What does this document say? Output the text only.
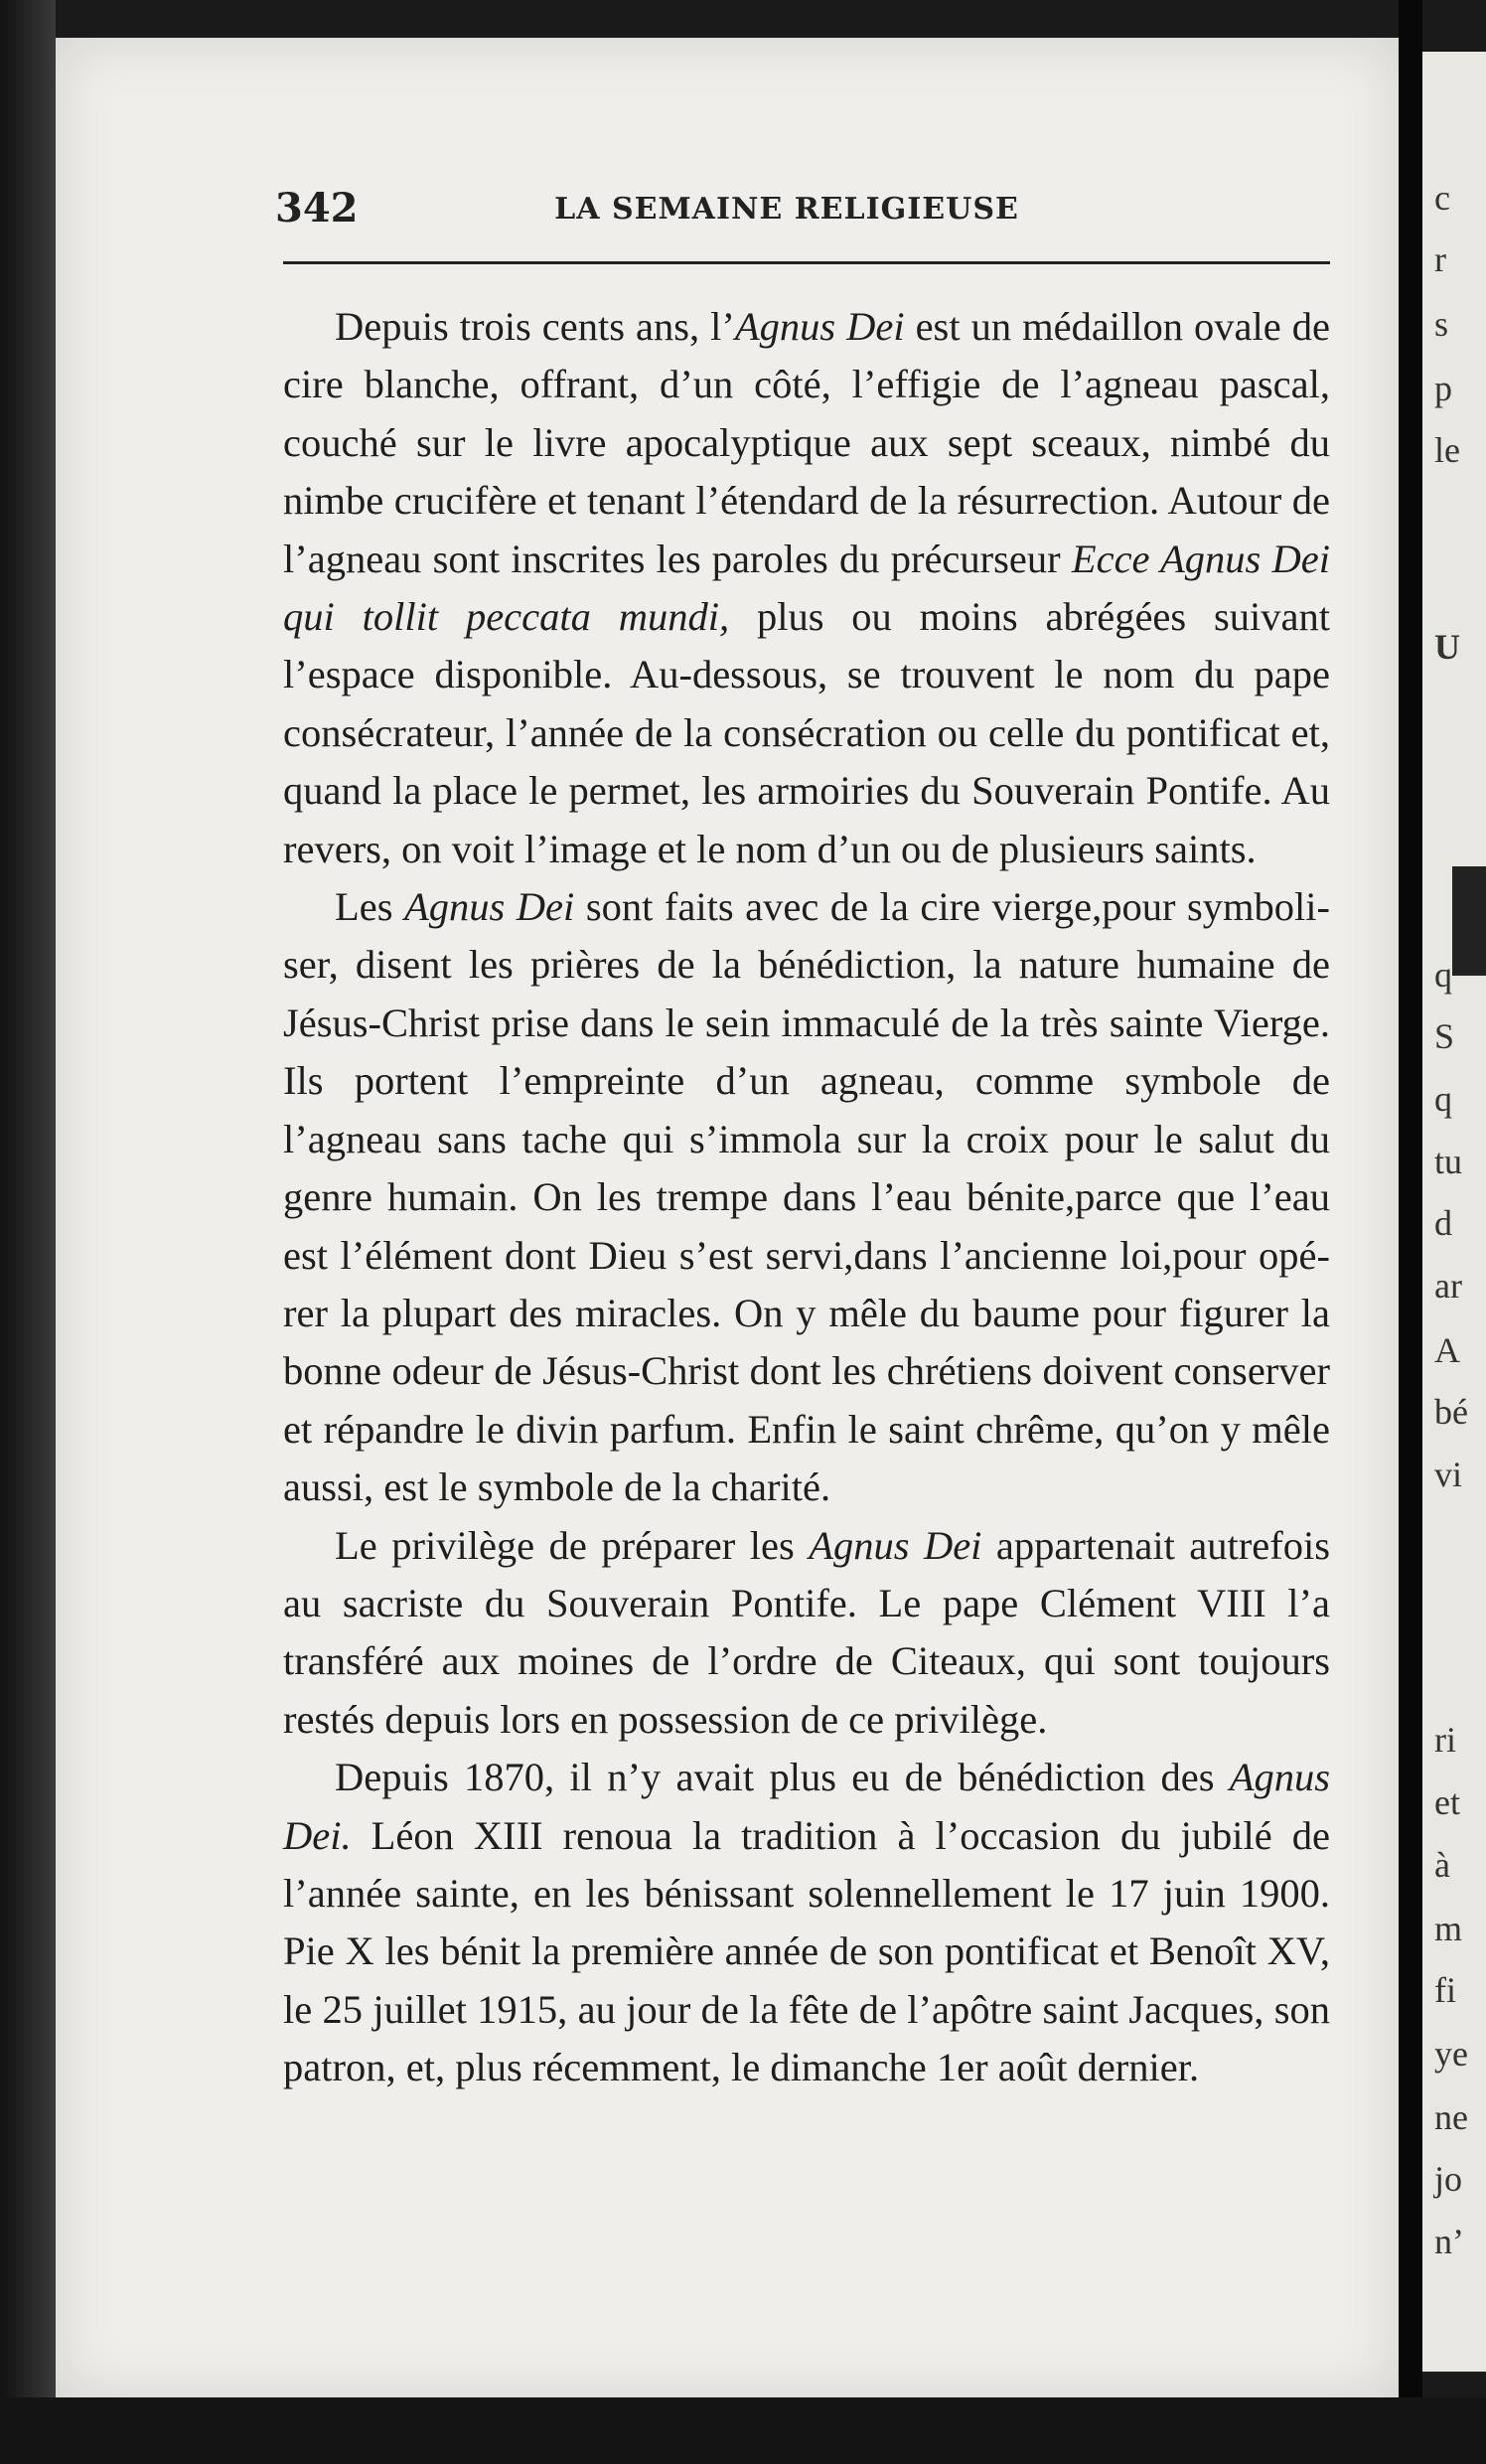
342	LA SEMAINE RELIGIEUSE

Depuis trois cents ans, l’Agnus Dei est un médaillon ovale de cire blanche, offrant, d’un côté, l’effigie de l’agneau pascal, couché sur le livre apocalyptique aux sept sceaux, nimbé du nimbe crucifère et tenant l’étendard de la résurrection. Autour de l’agneau sont inscrites les paroles du précurseur Ecce Agnus Dei qui tollit peccata mundi, plus ou moins abrégées suivant l’espace disponible. Au-dessous, se trouvent le nom du pape consécrateur, l’année de la consécration ou celle du pontificat et, quand la place le permet, les armoiries du Souverain Pontife. Au revers, on voit l’image et le nom d’un ou de plusieurs saints.

Les Agnus Dei sont faits avec de la cire vierge,pour symboliser, disent les prières de la bénédiction, la nature humaine de Jésus-Christ prise dans le sein immaculé de la très sainte Vierge. Ils portent l’empreinte d’un agneau, comme symbole de l’agneau sans tache qui s’immola sur la croix pour le salut du genre humain. On les trempe dans l’eau bénite,parce que l’eau est l’élément dont Dieu s’est servi,dans l’ancienne loi,pour opérer la plupart des miracles. On y mêle du baume pour figurer la bonne odeur de Jésus-Christ dont les chrétiens doivent conserver et répandre le divin parfum. Enfin le saint chrême, qu’on y mêle aussi, est le symbole de la charité.

Le privilège de préparer les Agnus Dei appartenait autrefois au sacriste du Souverain Pontife. Le pape Clément VIII l’a transféré aux moines de l’ordre de Citeaux, qui sont toujours restés depuis lors en possession de ce privilège.

Depuis 1870, il n’y avait plus eu de bénédiction des Agnus Dei. Léon XIII renoua la tradition à l’occasion du jubilé de l’année sainte, en les bénissant solennellement le 17 juin 1900. Pie X les bénit la première année de son pontificat et Benoît XV, le 25 juillet 1915, au jour de la fête de l’apôtre saint Jacques, son patron, et, plus récemment, le dimanche 1er août dernier.

c
r
s
p
le
U
q
S
q
tu
d
ar
A
bé
vi
ri
et
à
m
fi
ye
ne
jo
n’
